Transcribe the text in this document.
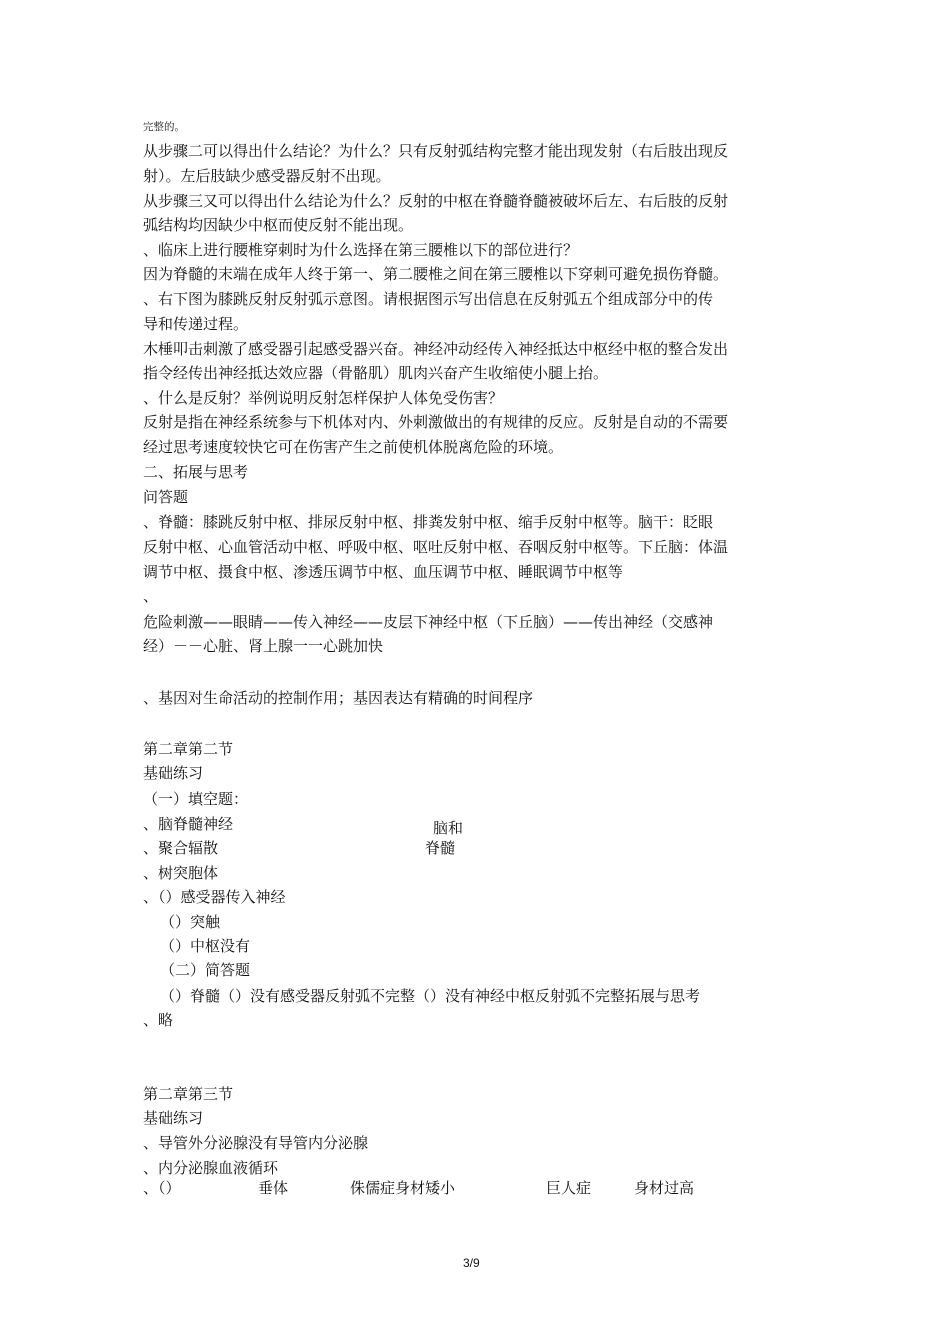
完整的。
从步骤二可以得出什么结论？为什么？只有反射弧结构完整才能出现发射（右后肢出现反
射）。左后肢缺少感受器反射不出现。
从步骤三又可以得出什么结论为什么？反射的中枢在脊髓脊髓被破坏后左、右后肢的反射
弧结构均因缺少中枢而使反射不能出现。
、临床上进行腰椎穿刺时为什么选择在第三腰椎以下的部位进行？
因为脊髓的末端在成年人终于第一、第二腰椎之间在第三腰椎以下穿刺可避免损伤脊髓。
、右下图为膝跳反射反射弧示意图。请根据图示写出信息在反射弧五个组成部分中的传
导和传递过程。
木棰叩击刺激了感受器引起感受器兴奋。神经冲动经传入神经抵达中枢经中枢的整合发出
指令经传出神经抵达效应器（骨骼肌）肌肉兴奋产生收缩使小腿上抬。
、什么是反射？举例说明反射怎样保护人体免受伤害？
反射是指在神经系统参与下机体对内、外刺激做出的有规律的反应。反射是自动的不需要
经过思考速度较快它可在伤害产生之前使机体脱离危险的环境。
二、拓展与思考
问答题
、脊髓：膝跳反射中枢、排尿反射中枢、排粪发射中枢、缩手反射中枢等。脑干：眨眼
反射中枢、心血管活动中枢、呼吸中枢、呕吐反射中枢、吞咽反射中枢等。下丘脑：体温
调节中枢、摄食中枢、渗透压调节中枢、血压调节中枢、睡眠调节中枢等
、
危险刺激——眼睛——传入神经——皮层下神经中枢（下丘脑）——传出神经（交感神
经）－－心脏、肾上腺一一心跳加快
、基因对生命活动的控制作用；基因表达有精确的时间程序
第二章第二节
基础练习
（一）填空题：
、脑脊髓神经	脑和
、聚合辐散	脊髓
、树突胞体
、（）感受器传入神经
（）突触
（）中枢没有
（二）简答题
（）脊髓（）没有感受器反射弧不完整（）没有神经中枢反射弧不完整拓展与思考
、略
第二章第三节
基础练习
、导管外分泌腺没有导管内分泌腺
、内分泌腺血液循环
、（）	垂体	侏儒症身材矮小	巨人症	身材过高
3/9
